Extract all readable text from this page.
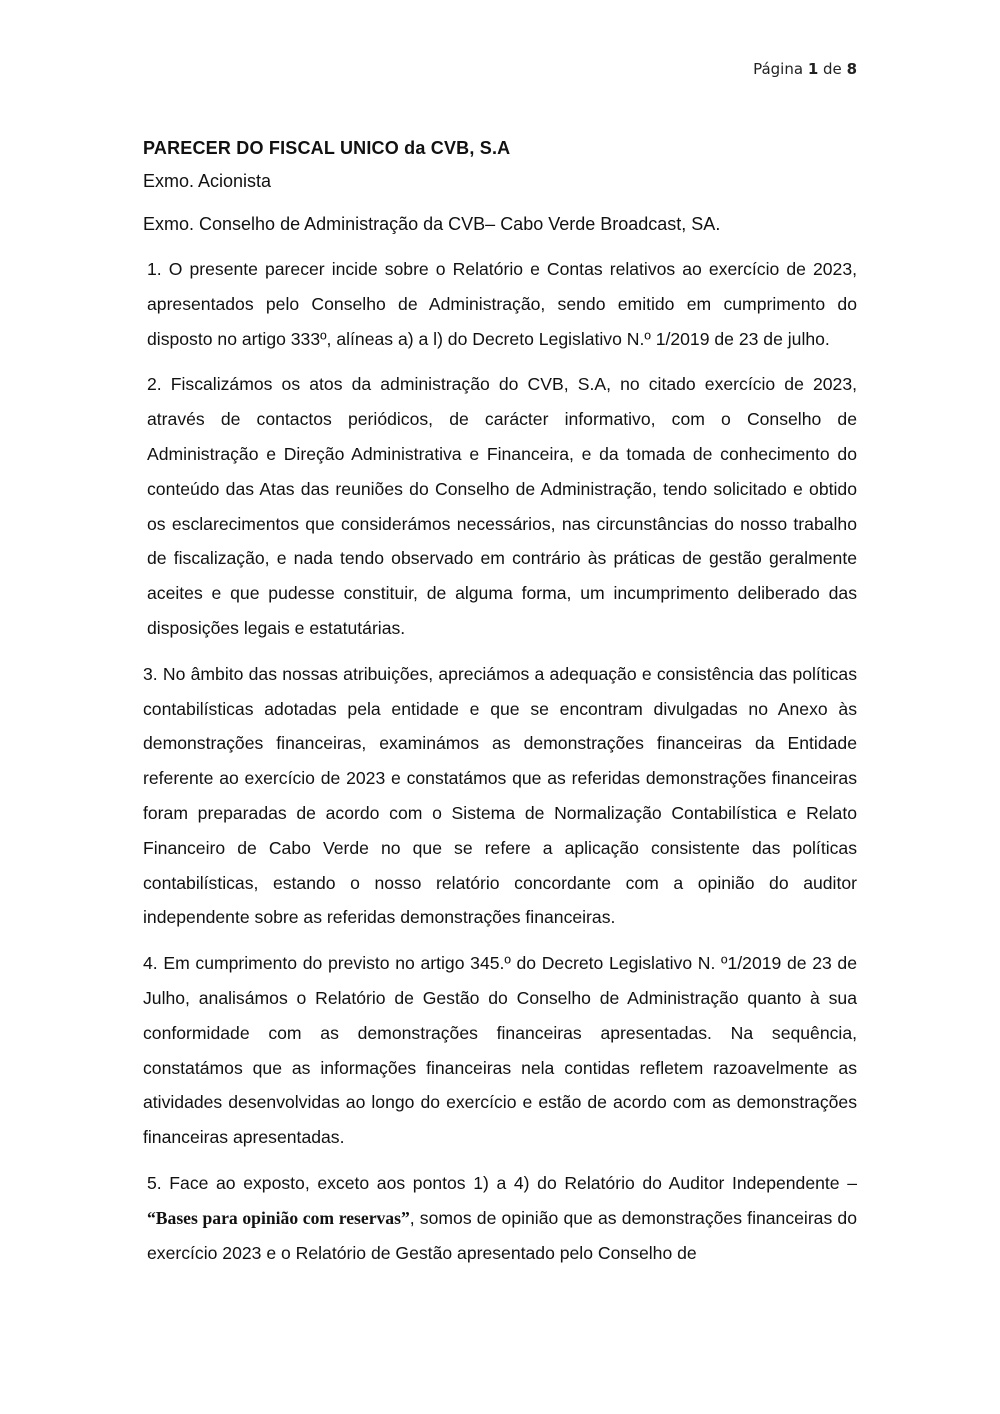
Página 1 de 8
PARECER DO FISCAL UNICO da CVB, S.A

Exmo. Acionista

Exmo. Conselho de Administração da CVB– Cabo Verde Broadcast, SA.

1. O presente parecer incide sobre o Relatório e Contas relativos ao exercício de 2023, apresentados pelo Conselho de Administração, sendo emitido em cumprimento do disposto no artigo 333º, alíneas a) a l) do Decreto Legislativo N.º 1/2019 de 23 de julho.

2. Fiscalizámos os atos da administração do CVB, S.A, no citado exercício de 2023, através de contactos periódicos, de carácter informativo, com o Conselho de Administração e Direção Administrativa e Financeira, e da tomada de conhecimento do conteúdo das Atas das reuniões do Conselho de Administração, tendo solicitado e obtido os esclarecimentos que considerámos necessários, nas circunstâncias do nosso trabalho de fiscalização, e nada tendo observado em contrário às práticas de gestão geralmente aceites e que pudesse constituir, de alguma forma, um incumprimento deliberado das disposições legais e estatutárias.

3. No âmbito das nossas atribuições, apreciámos a adequação e consistência das políticas contabilísticas adotadas pela entidade e que se encontram divulgadas no Anexo às demonstrações financeiras, examinámos as demonstrações financeiras da Entidade referente ao exercício de 2023 e constatámos que as referidas demonstrações financeiras foram preparadas de acordo com o Sistema de Normalização Contabilística e Relato Financeiro de Cabo Verde no que se refere a aplicação consistente das políticas contabilísticas, estando o nosso relatório concordante com a opinião do auditor independente sobre as referidas demonstrações financeiras.

4. Em cumprimento do previsto no artigo 345.º do Decreto Legislativo N. º1/2019 de 23 de Julho, analisámos o Relatório de Gestão do Conselho de Administração quanto à sua conformidade com as demonstrações financeiras apresentadas. Na sequência, constatámos que as informações financeiras nela contidas refletem razoavelmente as atividades desenvolvidas ao longo do exercício e estão de acordo com as demonstrações financeiras apresentadas.

5. Face ao exposto, exceto aos pontos 1) a 4) do Relatório do Auditor Independente – “Bases para opinião com reservas”, somos de opinião que as demonstrações financeiras do exercício 2023 e o Relatório de Gestão apresentado pelo Conselho de
